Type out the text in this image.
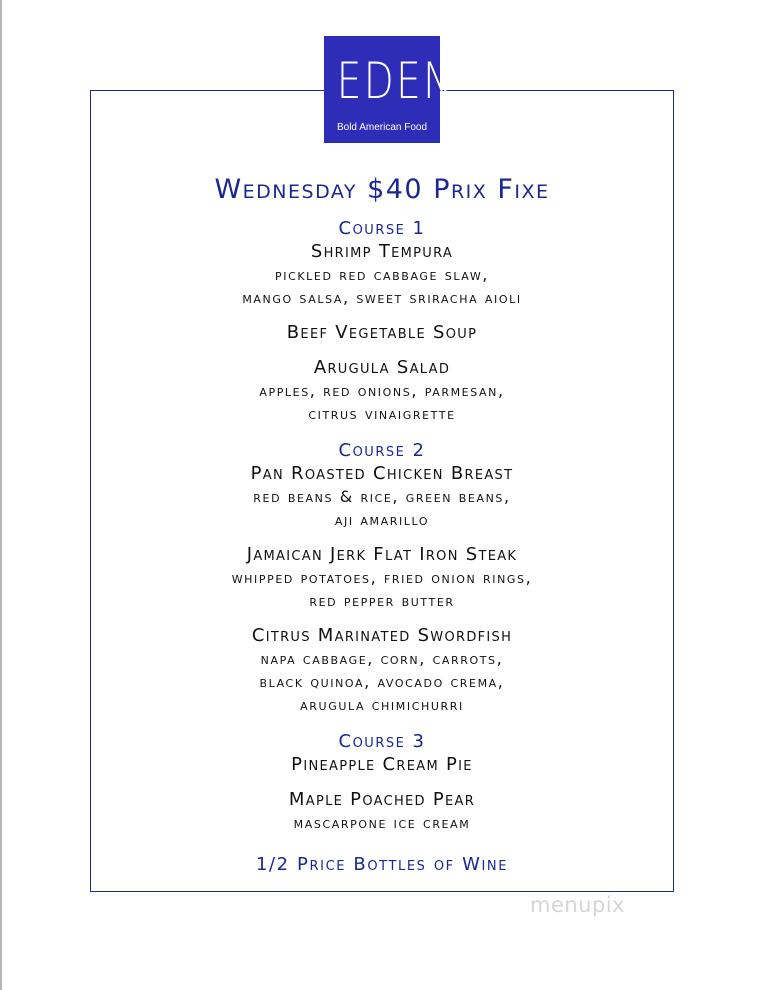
EDEN
Bold American Food
Wednesday $40 Prix Fixe
Course 1
Shrimp Tempura
pickled red cabbage slaw,
mango salsa, sweet sriracha aioli
Beef Vegetable Soup
Arugula Salad
apples, red onions, parmesan,
citrus vinaigrette
Course 2
Pan Roasted Chicken Breast
red beans & rice, green beans,
aji amarillo
Jamaican Jerk Flat Iron Steak
whipped potatoes, fried onion rings,
red pepper butter
Citrus Marinated Swordfish
napa cabbage, corn, carrots,
black quinoa, avocado crema,
arugula chimichurri
Course 3
Pineapple Cream Pie
Maple Poached Pear
mascarpone ice cream
1/2 Price Bottles of Wine
menupix
